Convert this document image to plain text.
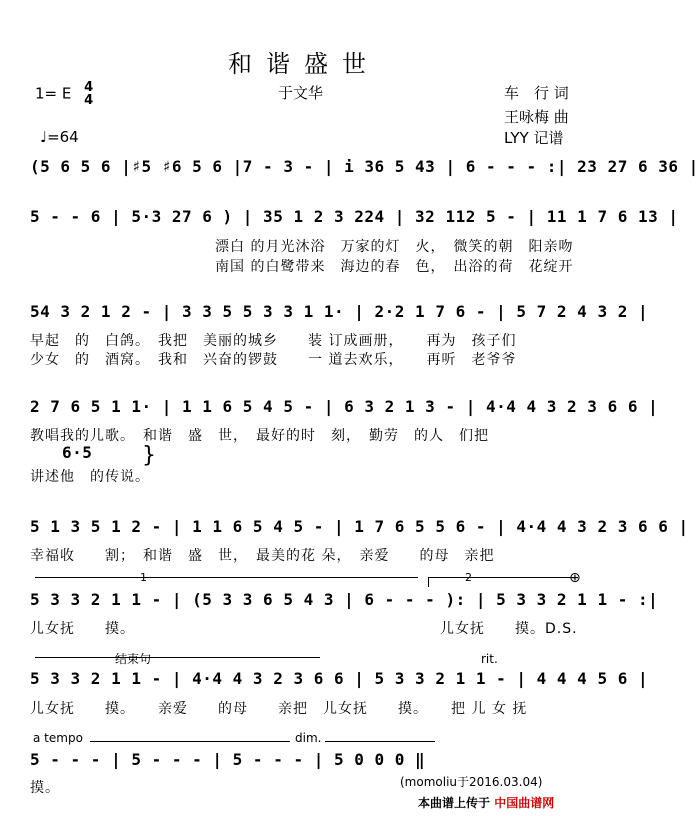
和谐盛世
1= E 4
4	于文华	车　行 词
王咏梅 曲
LYY 记谱
♩=64
(5 6 5 6 |♯5 ♯6 5 6 |7 - 3 - | i 36 5 43 | 6 - - - :| 23 27 6 36 |
5 - - 6 | 5·3 27 6 ) | 35 1 2 3 224 | 32 112 5 - | 11 1 7 6 13 |
漂白 的月光沐浴　万家的灯　火，　微笑的朝　阳亲吻
南国 的白鹭带来　海边的春　色，　出浴的荷　花绽开
54 3 2 1 2 - | 3 3 5 5 3 3 1 1· | 2·2 1 7 6 - | 5 7 2 4 3 2 |
早起　的　白鸽。　我把　美丽的城乡　　装 订成画册，　　再为　孩子们
少女　的　酒窝。　我和　兴奋的锣鼓　　一 道去欢乐，　　再听　老爷爷
2 7 6 5 1 1· | 1 1 6 5 4 5 - | 6 3 2 1 3 - | 4·4 4 3 2 3 6 6 |
教唱我的儿歌。　和谐　盛　世，　最好的时　刻，　勤劳　的人　们把
6·5
讲述他　的传说。
}
5 1 3 5 1 2 - | 1 1 6 5 4 5 - | 1 7 6 5 5 6 - | 4·4 4 3 2 3 6 6 |
幸福收　　割；　和谐　盛　世，　最美的花 朵，　亲爱　　的母　亲把
1	2	⊕
5 3 3 2 1 1 - | (5 3 3 6 5 4 3 | 6 - - - ): | 5 3 3 2 1 1 - :|
儿女抚　　摸。	儿女抚　　摸。D.S.
结束句	rit.
5 3 3 2 1 1 - | 4·4 4 3 2 3 6 6 | 5 3 3 2 1 1 - | 4 4 4 5 6 |
儿女抚　　摸。　　亲爱　　的母　　亲把　儿女抚　　摸。　　把 儿 女 抚
a tempo	dim.
5 - - - | 5 - - - | 5 - - - | 5 0 0 0 ‖
摸。	(momoliu于2016.03.04)
本曲谱上传于 中国曲谱网
